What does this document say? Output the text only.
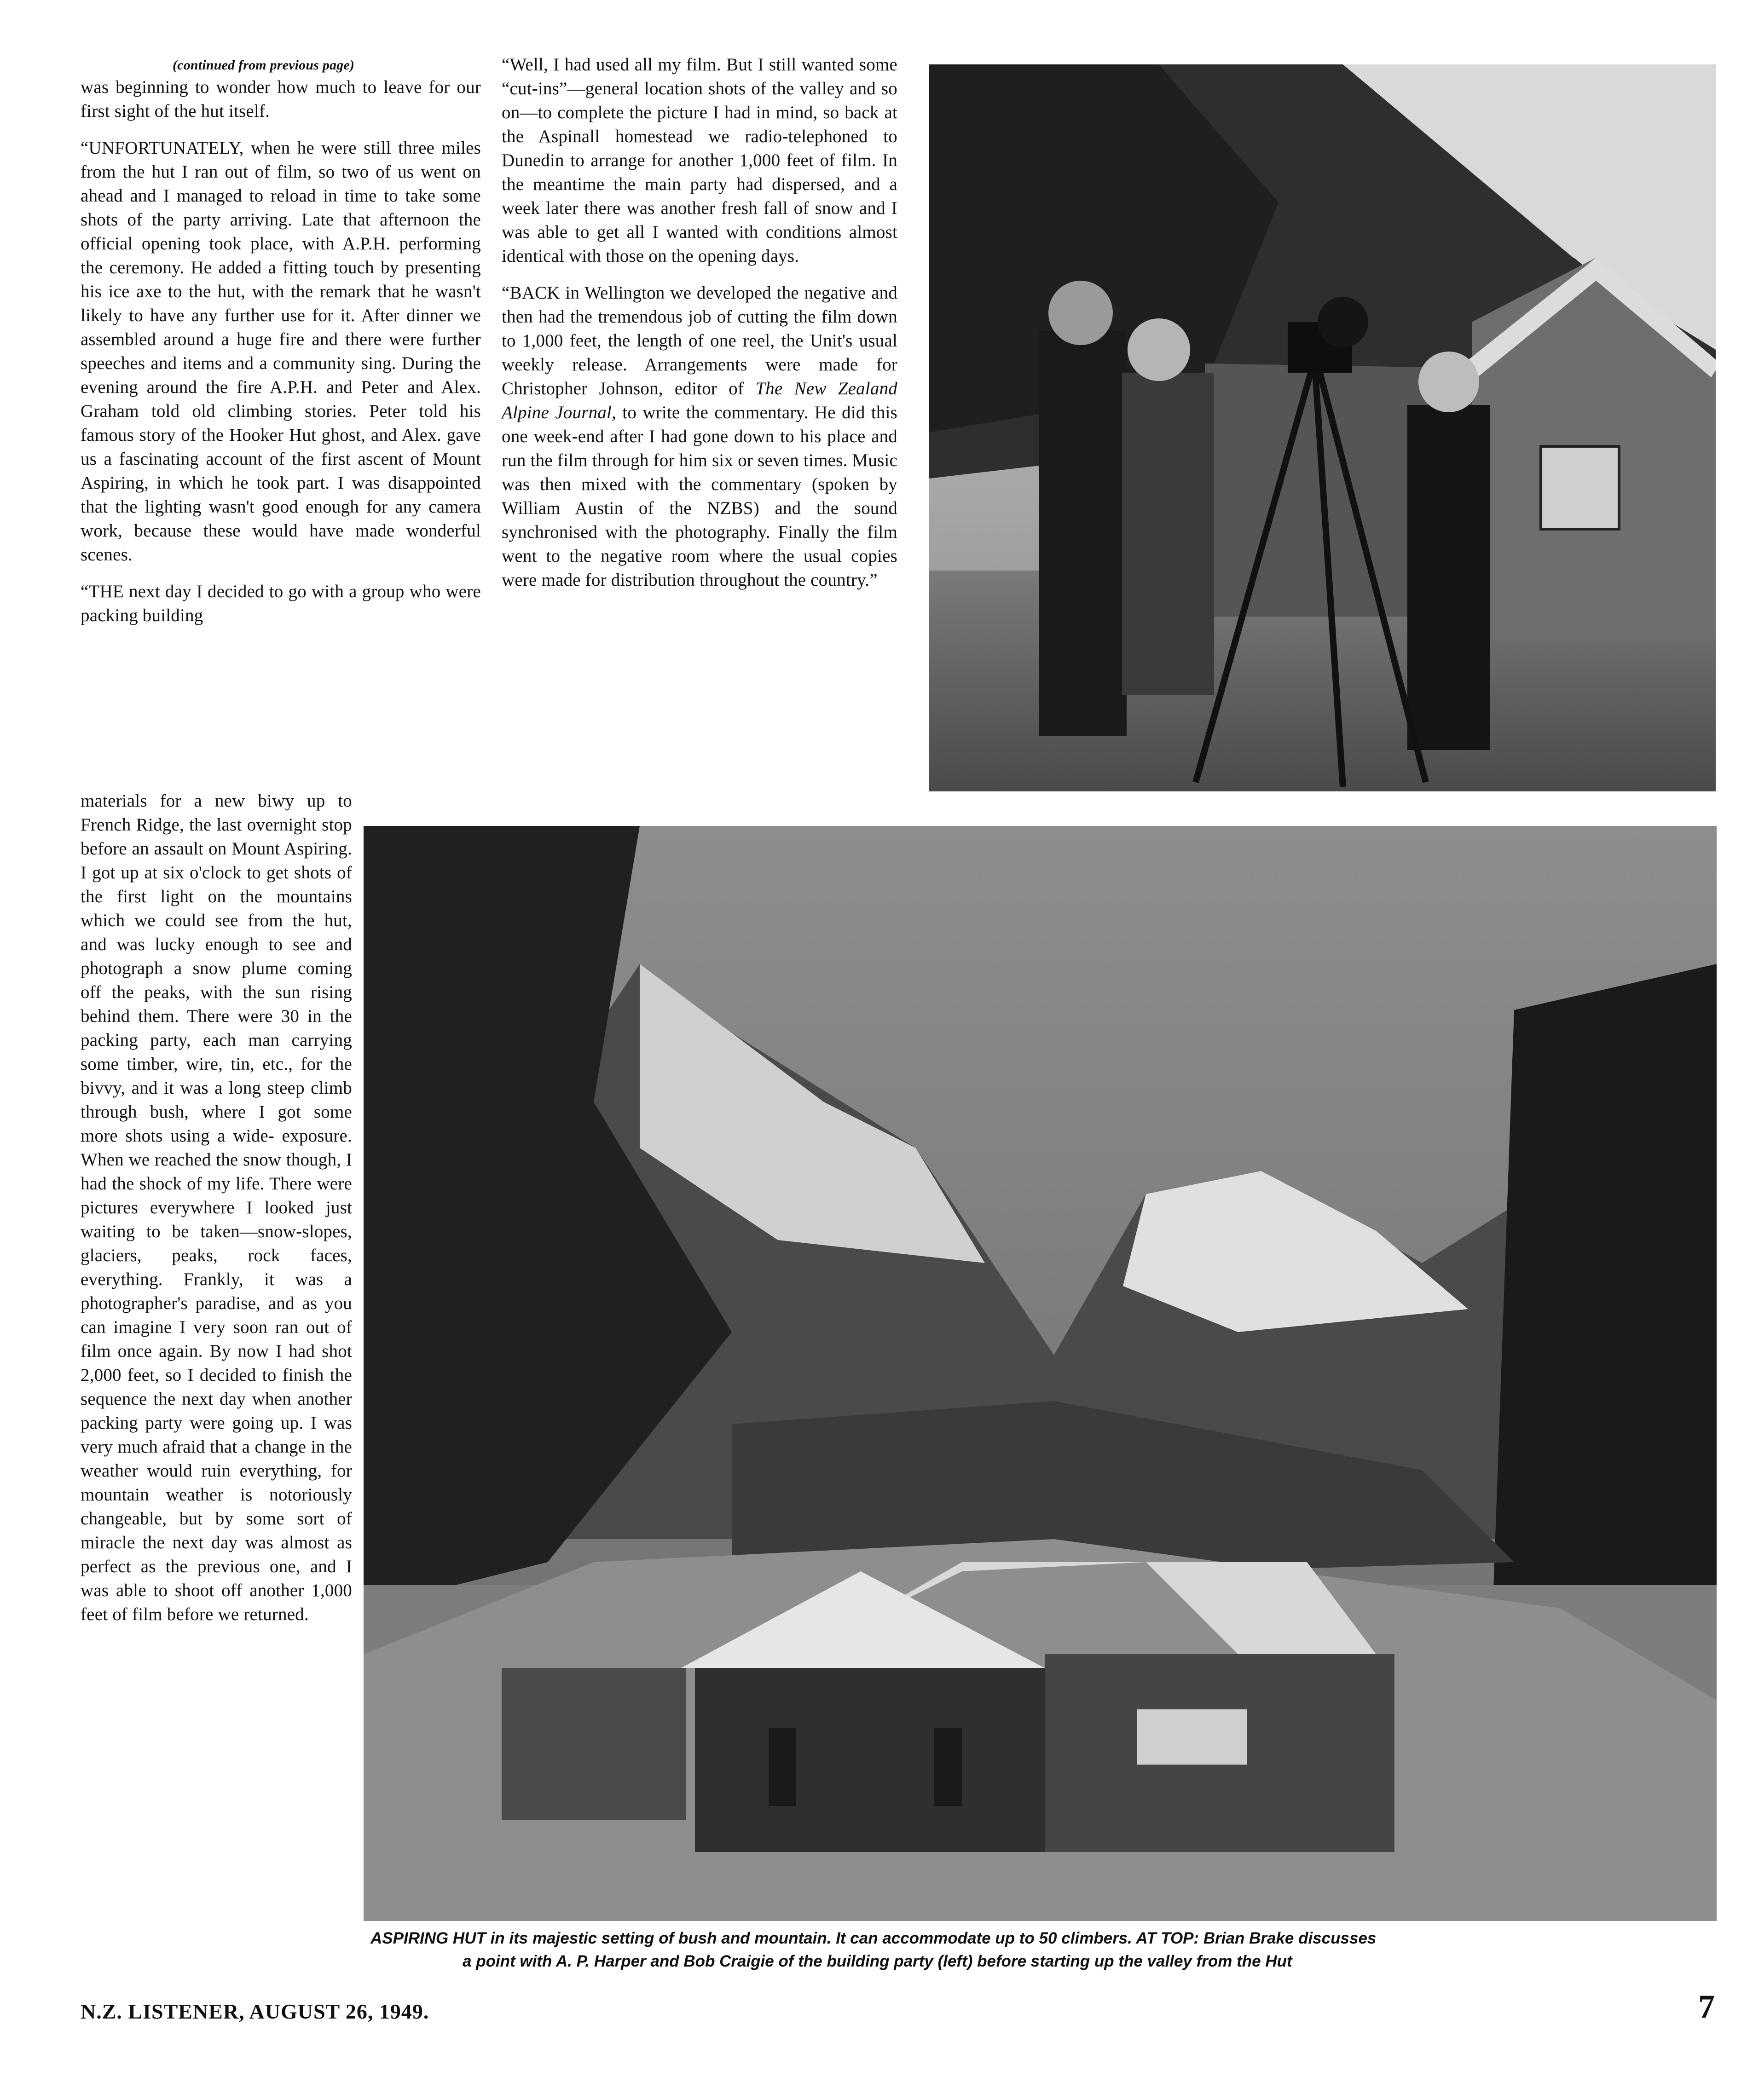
(continued from previous page)

was beginning to wonder how much to leave for our first sight of the hut itself.

“UNFORTUNATELY, when he were still three miles from the hut I ran out of film, so two of us went on ahead and I managed to reload in time to take some shots of the party arriving. Late that afternoon the official opening took place, with A.P.H. performing the ceremony. He added a fitting touch by presenting his ice axe to the hut, with the remark that he wasn't likely to have any further use for it. After dinner we assembled around a huge fire and there were further speeches and items and a community sing. During the evening around the fire A.P.H. and Peter and Alex. Graham told old climbing stories. Peter told his famous story of the Hooker Hut ghost, and Alex. gave us a fascinating account of the first ascent of Mount Aspiring, in which he took part. I was disappointed that the lighting wasn't good enough for any camera work, because these would have made wonderful scenes.

“THE next day I decided to go with a group who were packing building

materials for a new biwy up to French Ridge, the last overnight stop before an assault on Mount Aspiring. I got up at six o'clock to get shots of the first light on the mountains which we could see from the hut, and was lucky enough to see and photograph a snow plume coming off the peaks, with the sun rising behind them. There were 30 in the packing party, each man carrying some timber, wire, tin, etc., for the bivvy, and it was a long steep climb through bush, where I got some more shots using a wide- exposure. When we reached the snow though, I had the shock of my life. There were pictures everywhere I looked just waiting to be taken—snow-slopes, glaciers, peaks, rock faces, everything. Frankly, it was a photographer's paradise, and as you can imagine I very soon ran out of film once again. By now I had shot 2,000 feet, so I decided to finish the sequence the next day when another packing party were going up. I was very much afraid that a change in the weather would ruin everything, for mountain weather is notoriously changeable, but by some sort of miracle the next day was almost as perfect as the previous one, and I was able to shoot off another 1,000 feet of film before we returned.

“Well, I had used all my film. But I still wanted some “cut-ins”—general location shots of the valley and so on—to complete the picture I had in mind, so back at the Aspinall homestead we radio-telephoned to Dunedin to arrange for another 1,000 feet of film. In the meantime the main party had dispersed, and a week later there was another fresh fall of snow and I was able to get all I wanted with conditions almost identical with those on the opening days.

“BACK in Wellington we developed the negative and then had the tremendous job of cutting the film down to 1,000 feet, the length of one reel, the Unit's usual weekly release. Arrangements were made for Christopher Johnson, editor of The New Zealand Alpine Journal, to write the commentary. He did this one week-end after I had gone down to his place and run the film through for him six or seven times. Music was then mixed with the commentary (spoken by William Austin of the NZBS) and the sound synchronised with the photography. Finally the film went to the negative room where the usual copies were made for distribution throughout the country.”

ASPIRING HUT in its majestic setting of bush and mountain. It can accommodate up to 50 climbers. AT TOP: Brian Brake discusses
a point with A. P. Harper and Bob Craigie of the building party (left) before starting up the valley from the Hut
N.Z. LISTENER, AUGUST 26, 1949.	7
